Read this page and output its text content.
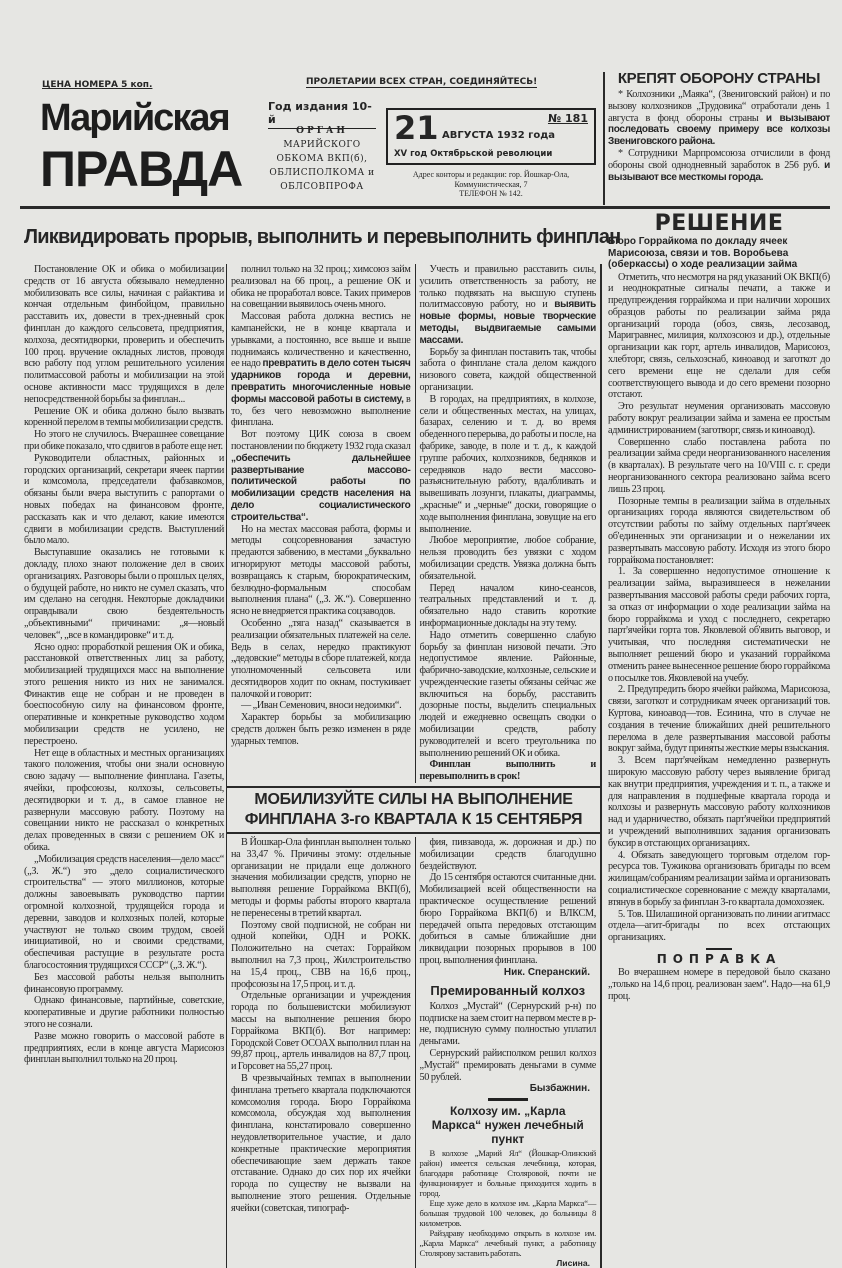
ЦЕНА НОМЕРА 5 коп.	ПРОЛЕТАРИИ ВСЕХ СТРАН, СОЕДИНЯЙТЕСЬ!
Марийская
ПРАВДА
Год издания 10-й
ОРГАН
МАРИЙСКОГО
ОБКОМА ВКП(б),
ОБЛИСПОЛКОМА и
ОБЛСОВПРОФА
21	№ 181
АВГУСТА 1932 года
XV год Октябрьской революции
Адрес конторы и редакции: гор. Йошкар-Ола, Коммунистическая, 7
ТЕЛЕФОН № 142.
КРЕПЯТ ОБОРОНУ СТРАНЫ
* Колхозники „Маяка“, (Звениговский район) и по вызову колхозников „Трудовика“ отработали день 1 августа в фонд обороны страны и вызывают последовать своему примеру все колхозы Звениговского района.
* Сотрудники Марпромсоюза отчислили в фонд обороны свой однодневный заработок в 256 руб. и вызывают все месткомы города.
Ликвидировать прорыв, выполнить и перевыполнить финплан
Постановление ОК и обика о мобилизации средств от 16 августа обязывало немедленно мобилизовать все силы, начиная с райактива и кончая отдельным финбойцом, правильно расставить их, довести в трех-дневный срок финплан до каждого сельсовета, предприятия, колхоза, десятидворки, проверить и обеспечить 100 проц. вручение окладных листов, проводя всю работу под углом решительного усиления политмассовой работы и мобилизации на этой основе активности масс трудящихся в деле непосредственной борьбы за финплан...
Решение ОК и обика должно было вызвать коренной перелом в темпы мобилизации средств.
Но этого не случилось. Вчерашнее совещание при обике показало, что сдвигов в работе еще нет.
Руководители областных, районных и городских организаций, секретари ячеек партии и комсомола, председатели фабзавкомов, обязаны были вчера выступить с рапортами о новых победах на финансовом фронте, рассказать как и что делают, какие имеются сдвиги в мобилизации средств. Выступлений было мало.
Выступавшие оказались не готовыми к докладу, плохо знают положение дел в своих организациях. Разговоры были о прошлых целях, о будущей работе, но никто не сумел сказать, что им сделано на сегодня. Некоторые докладчики оправдывали свою бездеятельность „объективными“ причинами: „я—новый человек“, „все в командировке“ и т. д.
Ясно одно: проработкой решения ОК и обика, расстановкой ответственных лиц за работу, мобилизацией трудящихся масс на выполнение этого решения никто из них не занимался. Финактив еще не собран и не проведен в боеспособную силу на финансовом фронте, оперативные и конкретные руководство ходом мобилизации средств не усилено, не перестроено.
Нет еще в областных и местных организациях такого положения, чтобы они знали основную свою задачу — выполнение финплана. Газеты, ячейки, профсоюзы, колхозы, сельсоветы, десятидворки и т. д., в самое главное не развернули массовую работу. Поэтому на совещании никто не рассказал о конкретных делах проведенных в связи с решением ОК и обика.
„Мобилизация средств населения—дело масс“ („З. Ж.“) это „дело социалистического строительства“ — этого миллионов, которые должны завоевывать руководство партии огромной колхозной, трудящейся города и деревни, заводов и колхозных полей, которые участвуют не только своим трудом, своей инициативой, но и своими средствами, обеспечивая растущие в результате роста благосостояния трудящихся СССР“ („З. Ж.“).
Без массовой работы нельзя выполнить финансовую программу.
Однако финансовые, партийные, советские, кооперативные и другие работники полностью этого не сознали.
Разве можно говорить о массовой работе в предприятиях, если в конце августа Марисоюз финплан выполнил только на 20 проц.
полнил только на 32 проц.; химсоюз займ реализовал на 66 проц., а решение ОК и обика не проработал вовсе. Таких примеров на совещании выявилось очень много.
Массовая работа должна вестись не кампанейски, не в конце квартала и урывками, а постоянно, все выше и выше поднимаясь количественно и качественно, ее надо превратить в дело сотен тысяч ударников города и деревни, превратить многочисленные новые формы массовой работы в систему, в то, без чего невозможно выполнение финплана.
Вот поэтому ЦИК союза в своем постановлении по бюджету 1932 года сказал „обеспечить дальнейшее развертывание массово-политической работы по мобилизации средств населения на дело социалистического строительства“.
Но на местах массовая работа, формы и методы соцсоревнования зачастую предаются забвению, в местами „буквально игнорируют методы массовой работы, возвращаясь к старым, бюрократическим, безлюдно-формальным способам выполнения плана“ („З. Ж.“). Совершенно ясно не внедряется практика соцзаводов.
Особенно „тяга назад“ сказывается в реализации обязательных платежей на селе. Ведь в селах, нередко практикуют „дедовские“ методы в сборе платежей, когда уполномоченный сельсовета или десятидворов ходит по окнам, постукивает палочкой и говорит:
— „Иван Семенович, вноси недоимки“.
Характер борьбы за мобилизацию средств должен быть резко изменен в ряде ударных темпов.
Учесть и правильно расставить силы, усилить ответственность за работу, не только подвязать на высшую ступень политмассовую работу, но и выявить новые формы, новые творческие методы, выдвигаемые самыми массами.
Борьбу за финплан поставить так, чтобы забота о финплане стала делом каждого низового совета, каждой общественной организации.
В городах, на предприятиях, в колхозе, сели и общественных местах, на улицах, базарах, селению и т. д. во время обеденного перерыва, до работы и после, на фабрике, заводе, в поле и т. д., к каждой группе рабочих, колхозников, бедняков и середняков надо вести массово-разъяснительную работу, вдалбливать и вывешивать лозунги, плакаты, диаграммы, „красные“ и „черные“ доски, говорящие о ходе выполнения финплана, зовущие на его выполнение.
Любое мероприятие, любое собрание, нельзя проводить без увязки с ходом мобилизации средств. Увязка должна быть обязательной.
Перед началом кино-сеансов, театральных представлений и т. д. обязательно надо ставить короткие информационные доклады на эту тему.
Надо отметить совершенно слабую борьбу за финплан низовой печати. Это недопустимое явление. Районные, фабрично-заводские, колхозные, сельские и учрежденческие газеты обязаны сейчас же включиться на борьбу, расставить дозорные посты, выделить специальных людей и ежедневно освещать сводки о мобилизации средств, работу руководителей и всего треугольника по выполнению решений ОК и обика.
Финплан выполнить и перевыполнить в срок!
МОБИЛИЗУЙТЕ СИЛЫ НА ВЫПОЛНЕНИЕ ФИНПЛАНА 3-го КВАРТАЛА К 15 СЕНТЯБРЯ
В Йошкар-Ола финплан выполнен только на 33,47 %. Причины этому: отдельные организации не придали еще должного значения мобилизации средств, упорно не выполняя решение Горрайкома ВКП(б), методы и формы работы второго квартала не перенесены в третий квартал.
Поэтому свой подписной, не собран ни одной копейки, ОДН и РОКК. Положительно на счетах: Горрайком выполнил на 7,3 проц., Жилстроительство на 15,4 проц., СВВ на 16,6 проц., профсоюзы на 17,5 проц. и т. д.
Отдельные организации и учреждения города по большевистски мобилизуют массы на выполнение решения бюро Горрайкома ВКП(б). Вот например: Городской Совет ОСОАХ выполнил план на 99,87 проц., артель инвалидов на 87,7 проц. и Горсовет на 55,27 проц.
В чрезвычайных темпах в выполнении финплана третьего квартала подключаются комсомолия города. Бюро Горрайкома комсомола, обсуждая ход выполнения финплана, констатировало совершенно неудовлетворительное участие, и дало конкретные практические мероприятия обеспечивающие заем держать такое отставание. Однако до сих пор их ячейки города по существу не вызвали на выполнение этого решения. Отдельные ячейки (советская, типограф-
фия, пивзавода, ж. дорожная и др.) по мобилизации средств благодушно бездействуют.
До 15 сентября остаются считанные дни. Мобилизацией всей общественности на практическое осуществление решений бюро Горрайкома ВКП(б) и ВЛКСМ, передачей опыта передовых отстающим добиться в самые ближайшие дни ликвидации позорных прорывов в 100 проц. выполнения финплана.
Ник. Сперанский.
Премированный колхоз
Колхоз „Мустай“ (Сернурский р-н) по подписке на заем стоит на первом месте в р-не, подписную сумму полностью уплатил деньгами.
Сернурский райисполком решил колхоз „Мустай“ премировать деньгами в сумме 50 рублей.
Бызбажнин.
Колхозу им. „Карла Маркса“ нужен лечебный пункт
В колхозе „Марий Ял“ (Йошкар-Олинский район) имеется сельская лечебница, которая, благодаря работнице Столяровой, почти не функционирует и больные приходится ходить в город.
Еще хуже дело в колхозе им. „Карла Маркса“—большая трудовой 100 человек, до больницы 8 километров.
Райздраву необходимо открыть в колхозе им. „Карла Маркса“ лечебный пункт, а работницу Столярову заставить работать.
Лисина.
РЕШЕНИЕ
Бюро Горрайкома по докладу ячеек Марисоюза, связи и тов. Воробьева (оберкассы) о ходе реализации займа
Отметить, что несмотря на ряд указаний ОК ВКП(б) и неоднократные сигналы печати, а также и предупреждения горрайкома и при наличии хороших образцов работы по реализации займа ряда организаций города (обоз, связь, лесозавод, Маригравнес, милиция, колхозсоюз и др.), отдельные организации как горт, артель инвалидов, Марисоюз, хлебторг, связь, сельхозснаб, киноавод и заготкот до сего времени еще не сделали для себя соответствующего вывода и до сего времени позорно отстают.
Это результат неумения организовать массовую работу вокруг реализации займа и замена ее простым администрированием (заготворг, связь и киноавод).
Совершенно слабо поставлена работа по реализации займа среди неорганизованного населения (в кварталах). В результате чего на 10/VIII с. г. среди неорганизованного сектора реализовано займа всего лишь 23 проц.
Позорные темпы в реализации займа в отдельных организациях города являются свидетельством об отсутствии работы по займу отдельных парт'ячеек об'единенных эти организации и о нежелании их развертывать массовую работу. Исходя из этого бюро горрайкома постановляет:
1. За совершенно недопустимое отношение к реализации займа, выразившееся в нежелании развертывания массовой работы среди рабочих горта, за отказ от информации о ходе реализации займа на бюро горрайкома и уход с последнего, секретарю парт'ячейки горта тов. Яковлевой об'явить выговор, и учитывая, что последняя систематически не выполняет решений бюро и указаний горрайкома отменить ранее вынесенное решение бюро горрайкома о посылке тов. Яковлевой на учебу.
2. Предупредить бюро ячейки райкома, Марисоюза, связи, заготкот и сотрудникам ячеек организаций тов. Куртова, киноавод—тов. Есинина, что в случае не создания в течение ближайших дней решительного перелома в деле развертывания массовой работы вокруг займа, будут приняты жесткие меры взыскания.
3. Всем парт'ячейкам немедленно развернуть широкую массовую работу через выявление бригад как внутри предприятия, учреждения и т. п., а также и для направления в подшефные квартала города и колхозы и развернуть массовую работу колхозников над и ударничество, обязать парт'ячейки предприятий и учреждений выполнивших задания организовать буксир в отстающих организациях.
4. Обязать заведующего торговым отделом гор-ресурса тов. Тужикова организовать бригады по всем жилищам/собраниям реализации займа и организовать социалистическое соревнование с между кварталами, втянув в борьбу за финплан 3-го квартала домохозяек.
5. Тов. Шилашиной организовать по линии агитмасс отдела—агит-бригады по всех отстающих организациях.
ПОПРАВКА
Во вчерашнем номере в передовой было сказано „только на 14,6 проц. реализован заем“. Надо—на 61,9 проц.
